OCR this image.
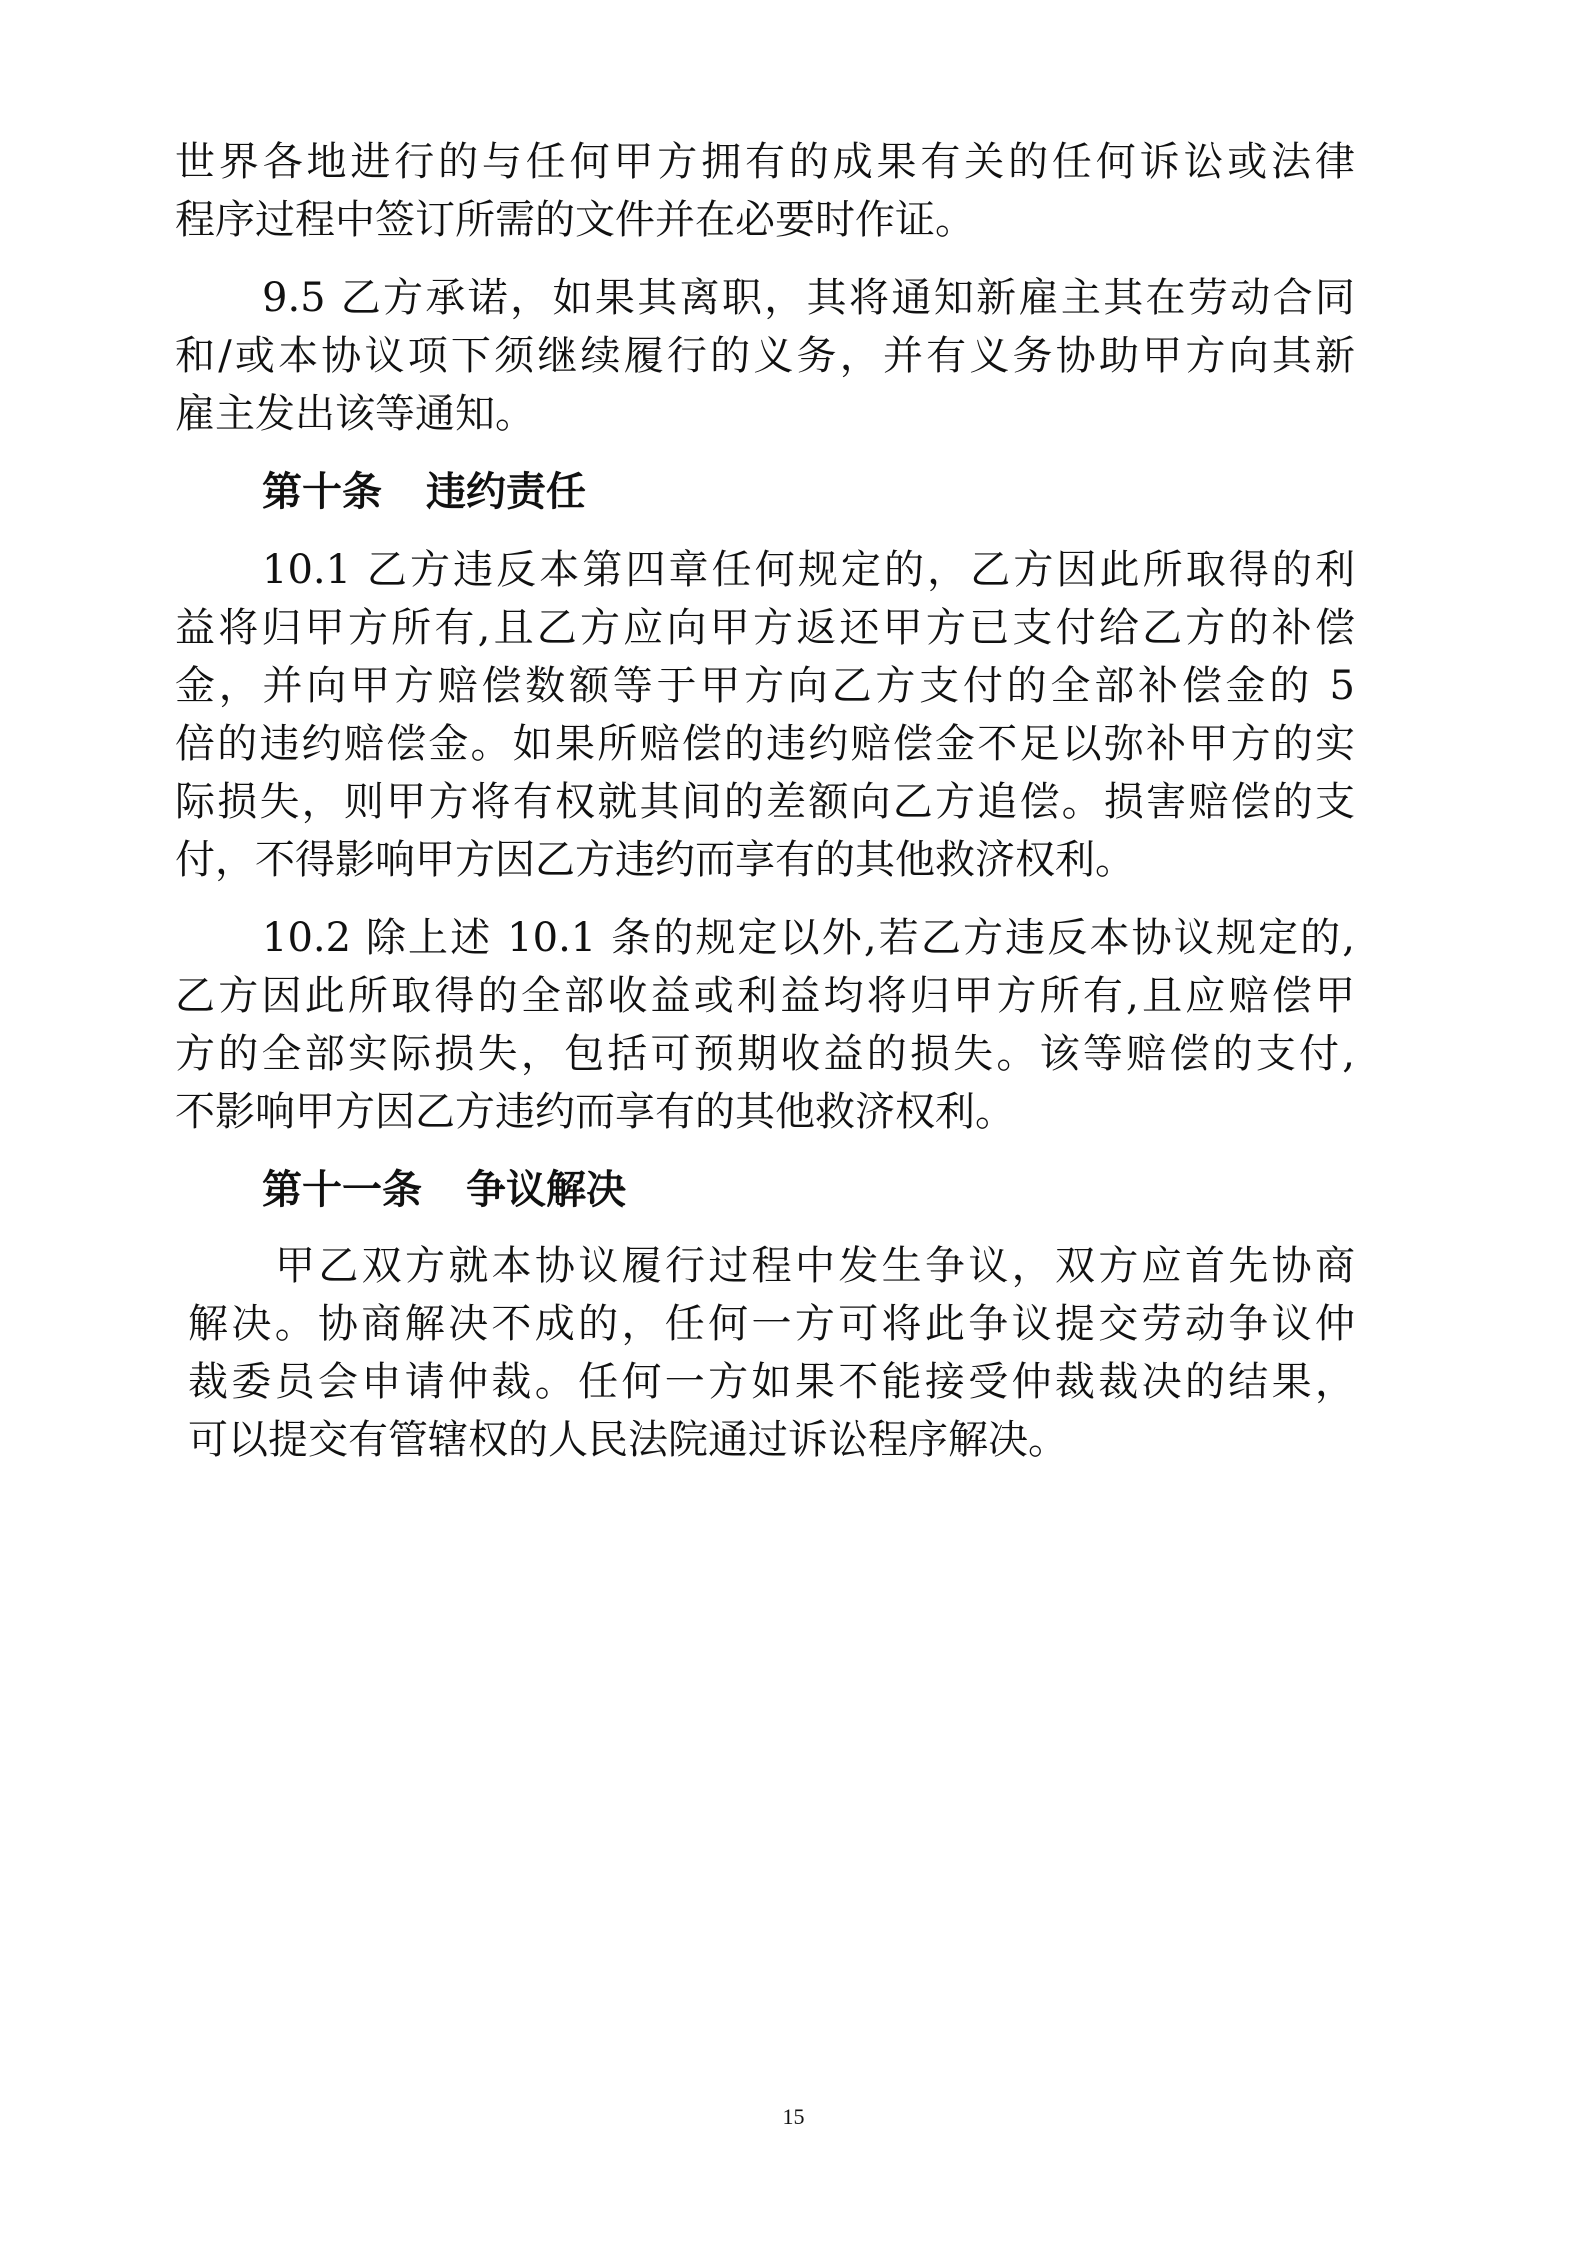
世界各地进行的与任何甲方拥有的成果有关的任何诉讼或法律
程序过程中签订所需的文件并在必要时作证。
9.5 乙方承诺，如果其离职，其将通知新雇主其在劳动合同
和/或本协议项下须继续履行的义务，并有义务协助甲方向其新
雇主发出该等通知。
第十条 违约责任
10.1 乙方违反本第四章任何规定的，乙方因此所取得的利
益将归甲方所有,且乙方应向甲方返还甲方已支付给乙方的补偿
金，并向甲方赔偿数额等于甲方向乙方支付的全部补偿金的 5
倍的违约赔偿金。如果所赔偿的违约赔偿金不足以弥补甲方的实
际损失，则甲方将有权就其间的差额向乙方追偿。损害赔偿的支
付，不得影响甲方因乙方违约而享有的其他救济权利。
10.2 除上述 10.1 条的规定以外,若乙方违反本协议规定的,
乙方因此所取得的全部收益或利益均将归甲方所有,且应赔偿甲
方的全部实际损失，包括可预期收益的损失。该等赔偿的支付,
不影响甲方因乙方违约而享有的其他救济权利。
第十一条 争议解决
甲乙双方就本协议履行过程中发生争议，双方应首先协商
解决。协商解决不成的，任何一方可将此争议提交劳动争议仲
裁委员会申请仲裁。任何一方如果不能接受仲裁裁决的结果，
可以提交有管辖权的人民法院通过诉讼程序解决。
15
